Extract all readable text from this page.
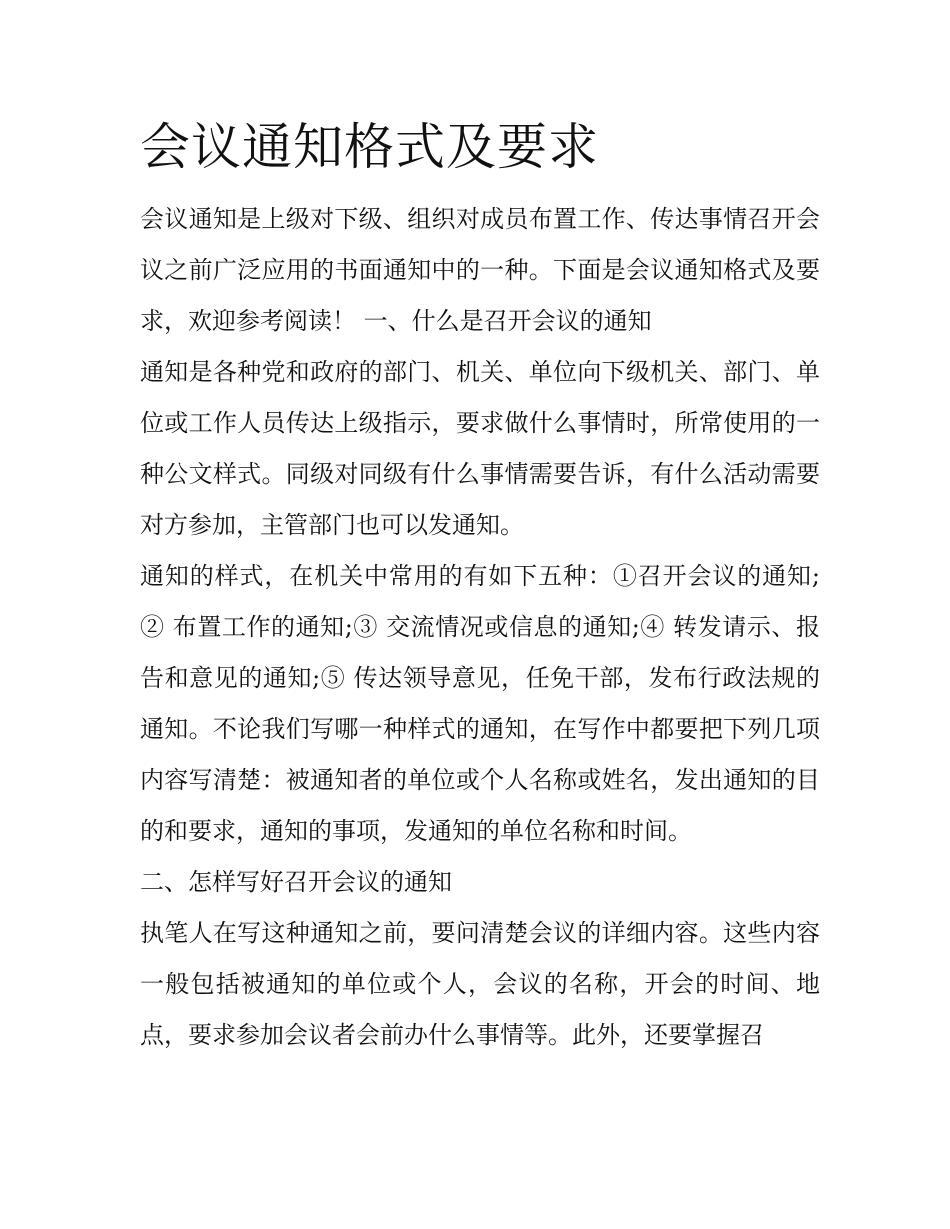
会议通知格式及要求

会议通知是上级对下级、组织对成员布置工作、传达事情召开会议之前广泛应用的书面通知中的一种。下面是会议通知格式及要求，欢迎参考阅读！ 一、什么是召开会议的通知

通知是各种党和政府的部门、机关、单位向下级机关、部门、单位或工作人员传达上级指示，要求做什么事情时，所常使用的一种公文样式。同级对同级有什么事情需要告诉，有什么活动需要对方参加，主管部门也可以发通知。

通知的样式，在机关中常用的有如下五种：①召开会议的通知;② 布置工作的通知;③ 交流情况或信息的通知;④ 转发请示、报告和意见的通知;⑤ 传达领导意见，任免干部，发布行政法规的通知。不论我们写哪一种样式的通知，在写作中都要把下列几项内容写清楚：被通知者的单位或个人名称或姓名，发出通知的目的和要求，通知的事项，发通知的单位名称和时间。

二、怎样写好召开会议的通知

执笔人在写这种通知之前，要问清楚会议的详细内容。这些内容一般包括被通知的单位或个人，会议的名称，开会的时间、地点，要求参加会议者会前办什么事情等。此外，还要掌握召
